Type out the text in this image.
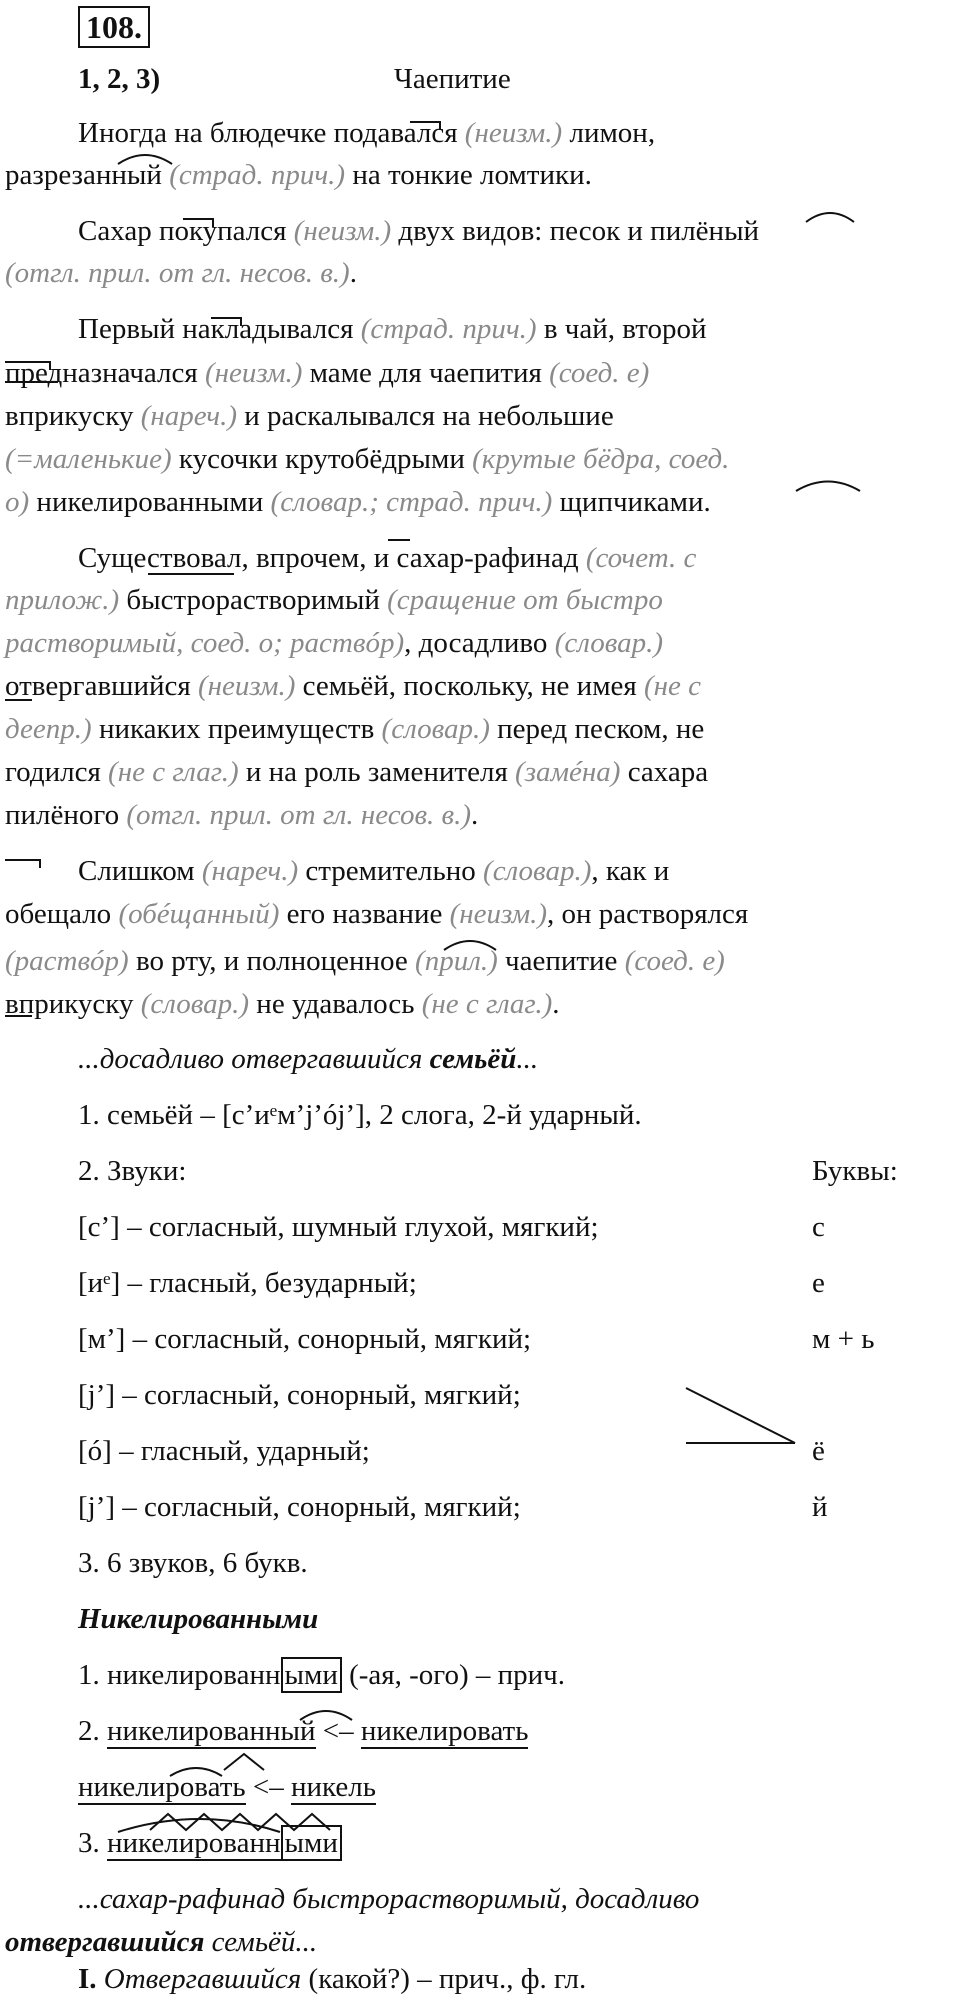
108.
1, 2, 3)	Чаепитие
Иногда на блюдечке подавался (неизм.) лимон,
разрезанный (страд. прич.) на тонкие ломтики.
Сахар покупался (неизм.) двух видов: песок и пилёный
(отгл. прил. от гл. несов. в.).
Первый накладывался (страд. прич.) в чай, второй
предназначался (неизм.) маме для чаепития (соед. е)
вприкуску (нареч.) и раскалывался на небольшие
(=маленькие) кусочки крутобёдрыми (крутые бёдра, соед.
о) никелированными (словар.; страд. прич.) щипчиками.
Существовал, впрочем, и сахар-рафинад (сочет. с
прилож.) быстрорастворимый (сращение от быстро
растворимый, соед. о; раствóр), досадливо (словар.)
отвергавшийся (неизм.) семьёй, поскольку, не имея (не с
деепр.) никаких преимуществ (словар.) перед песком, не
годился (не с глаг.) и на роль заменителя (замéна) сахара
пилёного (отгл. прил. от гл. несов. в.).
Слишком (нареч.) стремительно (словар.), как и
обещало (обéщанный) его название (неизм.), он растворялся
(раствóр) во рту, и полноценное (прил.) чаепитие (соед. е)
вприкуску (словар.) не удавалось (не с глаг.).
...досадливо отвергавшийся семьёй...
1. семьёй – [с’иᵉм’j’ój’], 2 слога, 2-й ударный.
2. Звуки:	Буквы:
[с’] – согласный, шумный глухой, мягкий;	с
[иᵉ] – гласный, безударный;	е
[м’] – согласный, сонорный, мягкий;	м + ь
[j’] – согласный, сонорный, мягкий;
[ó] – гласный, ударный;	ё
[j’] – согласный, сонорный, мягкий;	й
3. 6 звуков, 6 букв.
Никелированными
1. никелированн ыми (-ая, -ого) – прич.
2. никелированный <– никелировать
никелировать <– никель
3. никелированн ыми
...сахар-рафинад быстрорастворимый, досадливо
отвергавшийся семьёй...
I. Отвергавшийся (какой?) – прич., ф. гл.
